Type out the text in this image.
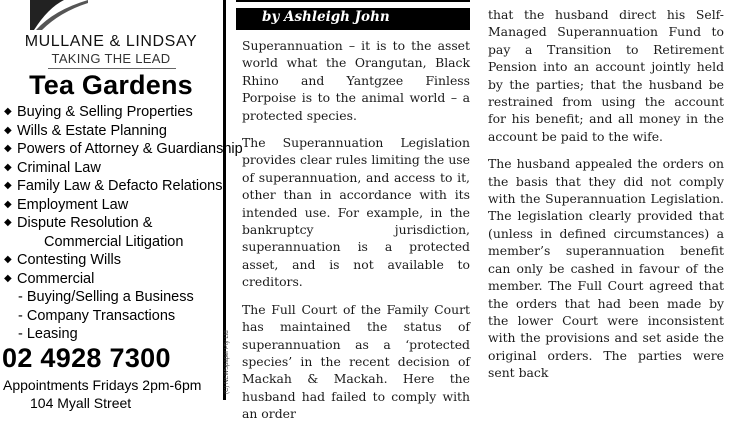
MULLANE & LINDSAY
TAKING THE LEAD
Tea Gardens
◆ Buying & Selling Properties
◆ Wills & Estate Planning
◆ Powers of Attorney & Guardianship
◆ Criminal Law
◆ Family Law & Defacto Relations
◆ Employment Law
◆ Dispute Resolution &
Commercial Litigation
◆ Contesting Wills
◆ Commercial
- Buying/Selling a Business
- Company Transactions
- Leasing
02 4928 7300
Appointments Fridays 2pm-6pm
104 Myall Street
(C) NEWSpaper Pty Ltd
by Ashleigh John

Superannuation – it is to the asset world what the Orangutan, Black Rhino and Yantgzee Finless Porpoise is to the animal world – a protected species.

The Superannuation Legislation provides clear rules limiting the use of superannuation, and access to it, other than in accordance with its intended use. For example, in the bankruptcy jurisdiction, superannuation is a protected asset, and is not available to creditors.

The Full Court of the Family Court has maintained the status of superannuation as a ‘protected species’ in the recent decision of Mackah & Mackah. Here the husband had failed to comply with an order

that the husband direct his Self-Managed Superannuation Fund to pay a Transition to Retirement Pension into an account jointly held by the parties; that the husband be restrained from using the account for his benefit; and all money in the account be paid to the wife.

The husband appealed the orders on the basis that they did not comply with the Superannuation Legislation. The legislation clearly provided that (unless in defined circumstances) a member’s superannuation benefit can only be cashed in favour of the member. The Full Court agreed that the orders that had been made by the lower Court were inconsistent with the provisions and set aside the original orders. The parties were sent back
